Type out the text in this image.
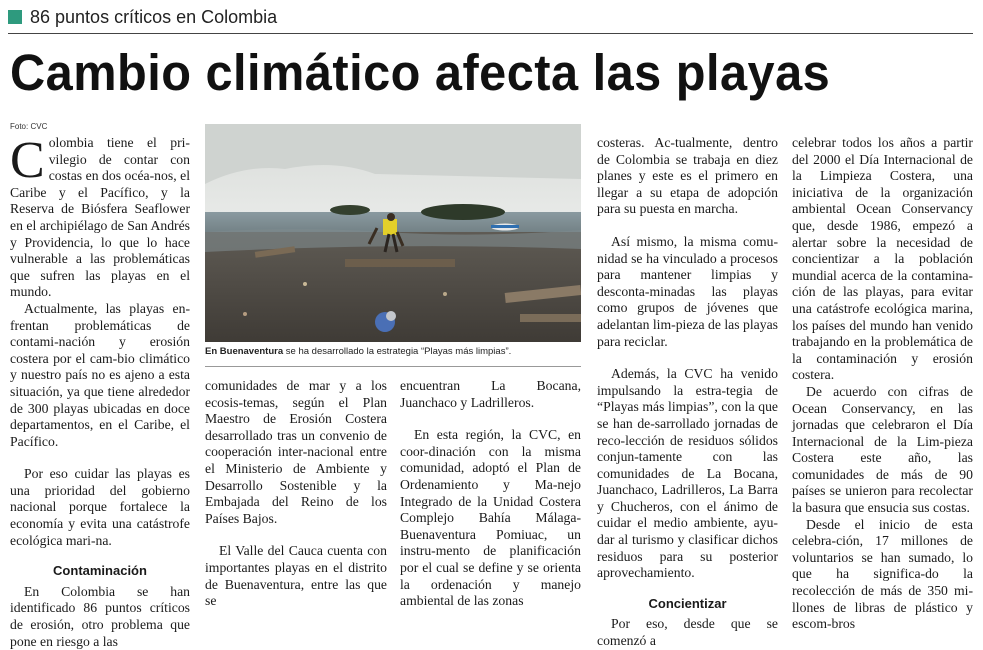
86 puntos críticos en Colombia
Cambio climático afecta las playas
Foto: CVC

Colombia tiene el pri-vilegio de contar con costas en dos océa-nos, el Caribe y el Pacífico, y la Reserva de Biósfera Seaflower en el archipiélago de San Andrés y Providencia, lo que lo hace vulnerable a las problemáticas que sufren las playas en el mundo.

Actualmente, las playas en-frentan problemáticas de contami-nación y erosión costera por el cam-bio climático y nuestro país no es ajeno a esta situación, ya que tiene alrededor de 300 playas ubicadas en doce departamentos, en el Caribe, el Pacífico.

Por eso cuidar las playas es una prioridad del gobierno nacional porque fortalece la economía y evita una catástrofe ecológica mari-na.

Contaminación

En Colombia se han identificado 86 puntos críticos de erosión, otro problema que pone en riesgo a las

En Buenaventura se ha desarrollado la estrategia “Playas más limpias”.

comunidades de mar y a los ecosis-temas, según el Plan Maestro de Erosión Costera desarrollado tras un convenio de cooperación inter-nacional entre el Ministerio de Ambiente y Desarrollo Sostenible y la Embajada del Reino de los Países Bajos.

El Valle del Cauca cuenta con importantes playas en el distrito de Buenaventura, entre las que se

encuentran La Bocana, Juanchaco y Ladrilleros.

En esta región, la CVC, en coor-dinación con la misma comunidad, adoptó el Plan de Ordenamiento y Ma-nejo Integrado de la Unidad Costera Complejo Bahía Málaga-Buenaventura Pomiuac, un instru-mento de planificación por el cual se define y se orienta la ordenación y manejo ambiental de las zonas

costeras. Ac-tualmente, dentro de Colombia se trabaja en diez planes y este es el primero en llegar a su etapa de adopción para su puesta en marcha.

Así mismo, la misma comu-nidad se ha vinculado a procesos para mantener limpias y desconta-minadas las playas como grupos de jóvenes que adelantan lim-pieza de las playas para reciclar.

Además, la CVC ha venido impulsando la estra-tegia de “Playas más limpias”, con la que se han de-sarrollado jornadas de reco-lección de residuos sólidos conjun-tamente con las comunidades de La Bocana, Juanchaco, Ladrilleros, La Barra y Chucheros, con el ánimo de cuidar el medio ambiente, ayu-dar al turismo y clasificar dichos residuos para su posterior aprovechamiento.

Concientizar

Por eso, desde que se comenzó a

celebrar todos los años a partir del 2000 el Día Internacional de la Limpieza Costera, una iniciativa de la organización ambiental Ocean Conservancy que, desde 1986, empezó a alertar sobre la necesidad de concientizar a la población mundial acerca de la contamina-ción de las playas, para evitar una catástrofe ecológica marina, los países del mundo han venido trabajando en la problemática de la contaminación y erosión costera.

De acuerdo con cifras de Ocean Conservancy, en las jornadas que celebraron el Día Internacional de la Lim-pieza Costera este año, las comunidades de más de 90 países se unieron para recolectar la basura que ensucia sus costas.

Desde el inicio de esta celebra-ción, 17 millones de voluntarios se han sumado, lo que ha significa-do la recolección de más de 350 mi-llones de libras de plástico y escom-bros
